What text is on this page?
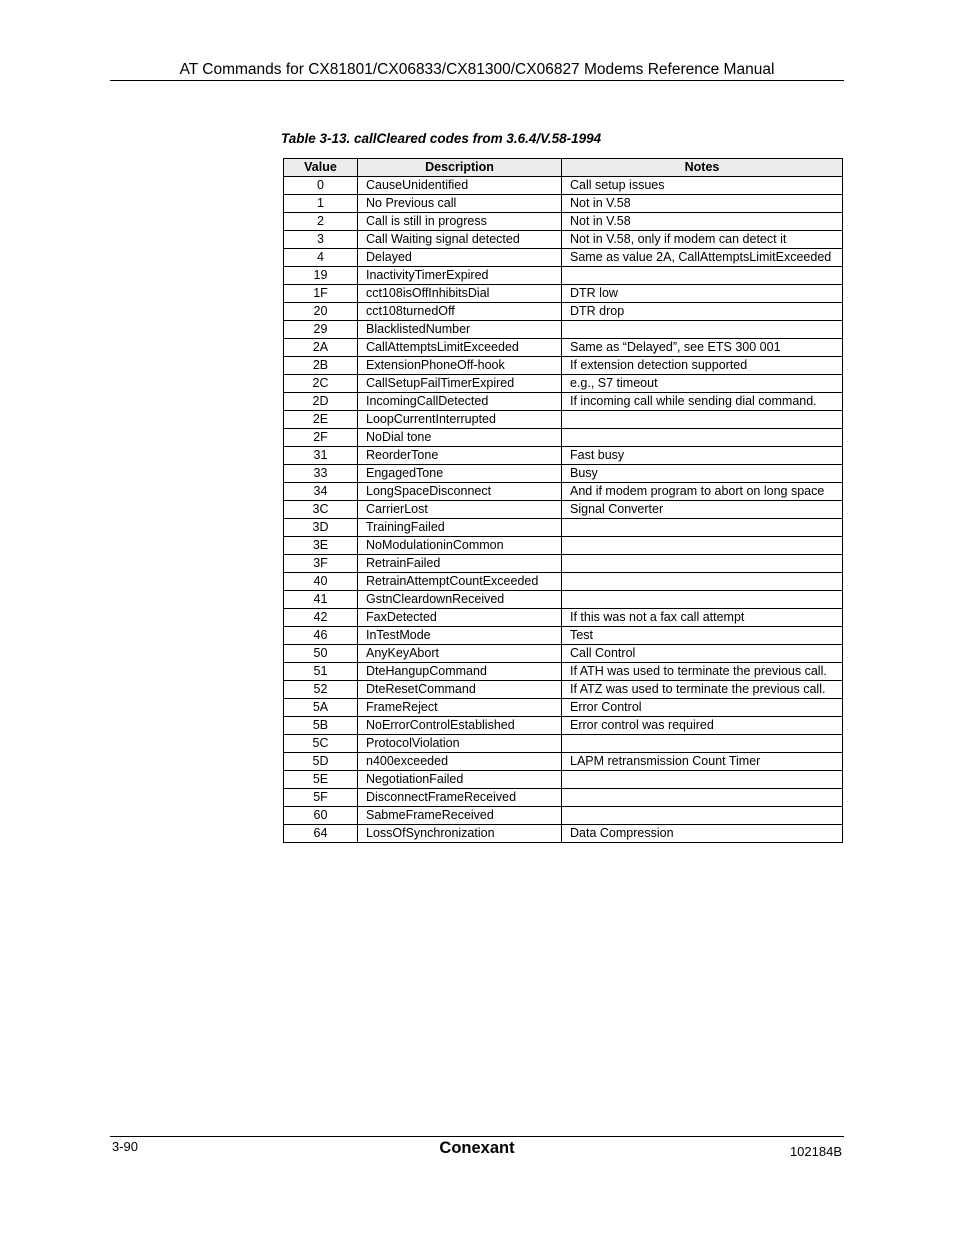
AT Commands for CX81801/CX06833/CX81300/CX06827 Modems Reference Manual
Table 3-13. callCleared codes from 3.6.4/V.58-1994
Value	Description	Notes
0	CauseUnidentified	Call setup issues
1	No Previous call	Not in V.58
2	Call is still in progress	Not in V.58
3	Call Waiting signal detected	Not in V.58, only if modem can detect it
4	Delayed	Same as value 2A, CallAttemptsLimitExceeded
19	InactivityTimerExpired	
1F	cct108isOffInhibitsDial	DTR low
20	cct108turnedOff	DTR drop
29	BlacklistedNumber	
2A	CallAttemptsLimitExceeded	Same as “Delayed”, see ETS 300 001
2B	ExtensionPhoneOff-hook	If extension detection supported
2C	CallSetupFailTimerExpired	e.g., S7 timeout
2D	IncomingCallDetected	If incoming call while sending dial command.
2E	LoopCurrentInterrupted	
2F	NoDial tone	
31	ReorderTone	Fast busy
33	EngagedTone	Busy
34	LongSpaceDisconnect	And if modem program to abort on long space
3C	CarrierLost	Signal Converter
3D	TrainingFailed	
3E	NoModulationinCommon	
3F	RetrainFailed	
40	RetrainAttemptCountExceeded	
41	GstnCleardownReceived	
42	FaxDetected	If this was not a fax call attempt
46	InTestMode	Test
50	AnyKeyAbort	Call Control
51	DteHangupCommand	If ATH was used to terminate the previous call.
52	DteResetCommand	If ATZ was used to terminate the previous call.
5A	FrameReject	Error Control
5B	NoErrorControlEstablished	Error control was required
5C	ProtocolViolation	
5D	n400exceeded	LAPM retransmission Count Timer
5E	NegotiationFailed	
5F	DisconnectFrameReceived	
60	SabmeFrameReceived	
64	LossOfSynchronization	Data Compression
3-90	Conexant	102184B
